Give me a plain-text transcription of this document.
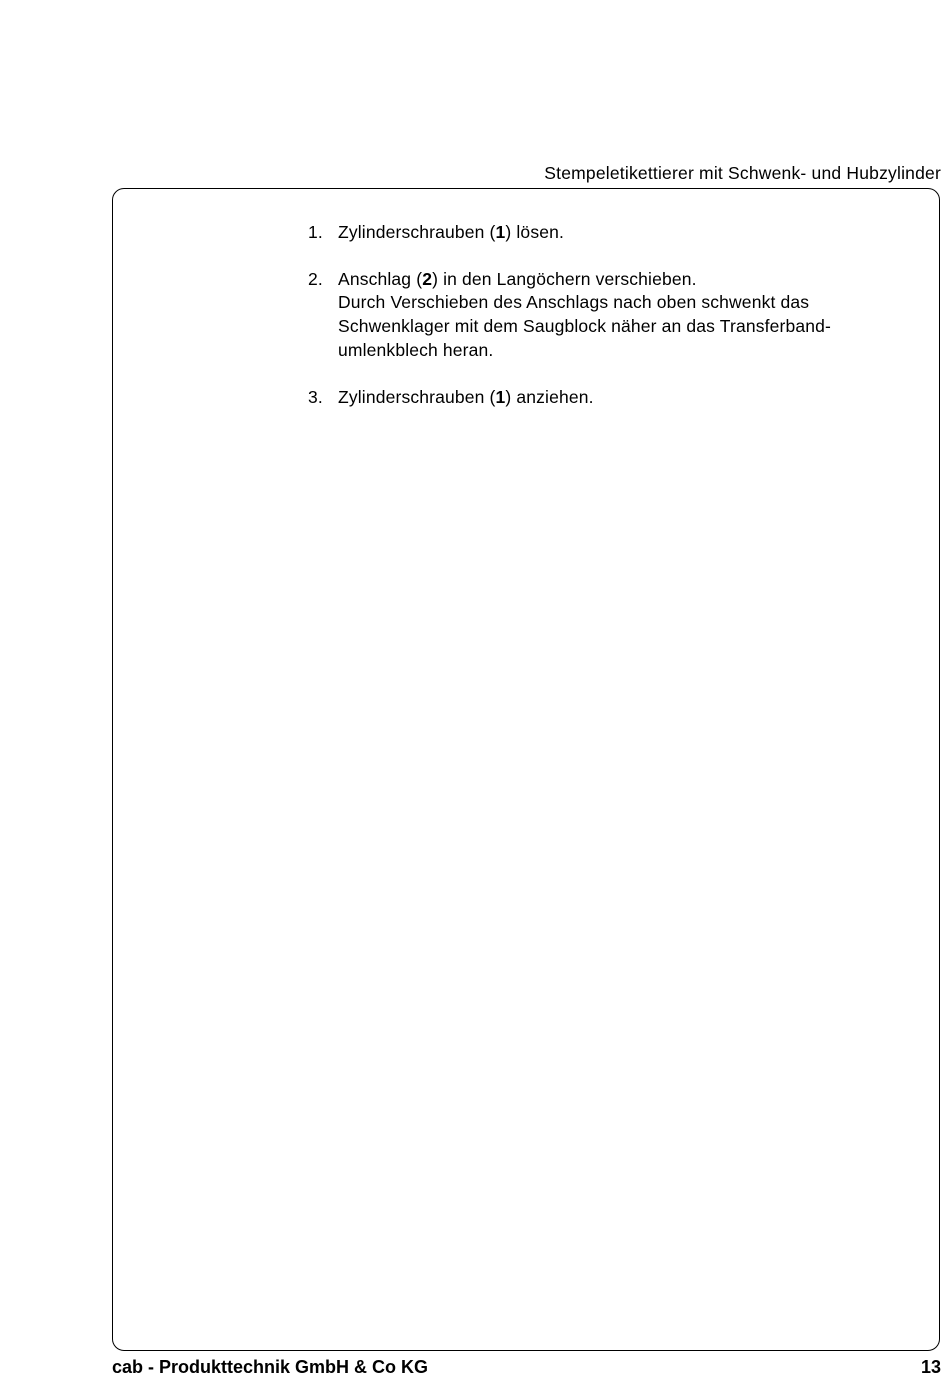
Stempeletikettierer mit Schwenk- und Hubzylinder
1. Zylinderschrauben (1) lösen.
2. Anschlag (2) in den Langöchern verschieben.
Durch Verschieben des Anschlags nach oben schwenkt das
Schwenklager mit dem Saugblock näher an das Transferband-
umlenkblech heran.
3. Zylinderschrauben (1) anziehen.
cab - Produkttechnik GmbH & Co KG	13
